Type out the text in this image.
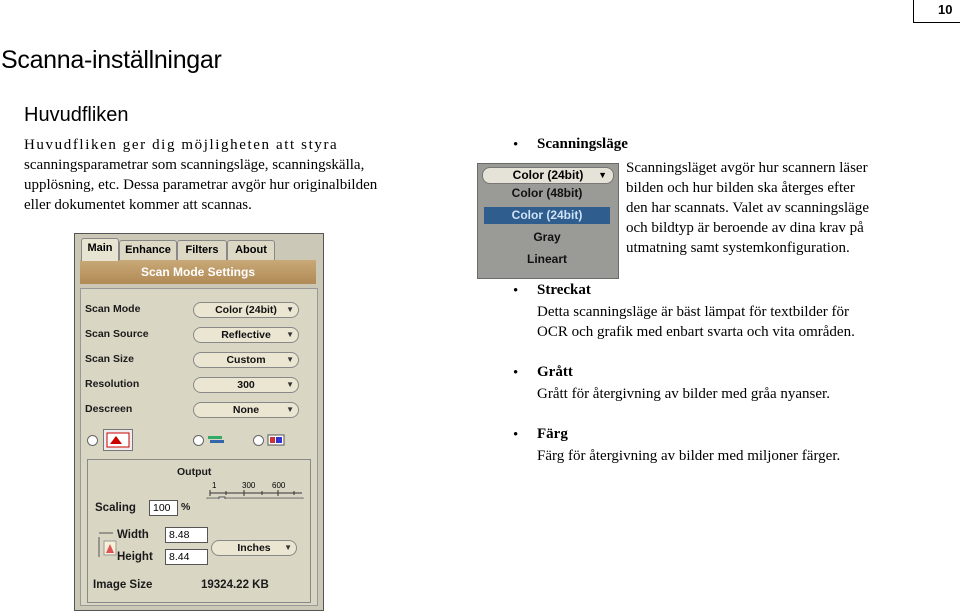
10
Scanna-inställningar
Huvudfliken
Huvudfliken ger dig möjligheten att styra
scanningsparametrar som scanningsläge, scanningskälla,
upplösning, etc. Dessa parametrar avgör hur originalbilden
eller dokumentet kommer att scannas.
Main	Enhance	Filters	About
Scan Mode Settings
Scan Mode	Color (24bit) ▼
Scan Source	Reflective ▼
Scan Size	Custom	▼
Resolution	300	▼
Descreen	None	▼
Output
1	300 600
Scaling	100 %
Width	8.48
Height	8.44
Inches ▼
Image Size	19324.22 KB
Color (24bit) ▼
Color (48bit)
Color (24bit)
Gray
Lineart
• Scanningsläge
Scanningsläget avgör hur scannern läser
bilden och hur bilden ska återges efter
den har scannats. Valet av scanningsläge
och bildtyp är beroende av dina krav på
utmatning samt systemkonfiguration.
• Streckat
Detta scanningsläge är bäst lämpat för textbilder för
OCR och grafik med enbart svarta och vita områden.
• Grått
Grått för återgivning av bilder med gråa nyanser.
• Färg
Färg för återgivning av bilder med miljoner färger.
